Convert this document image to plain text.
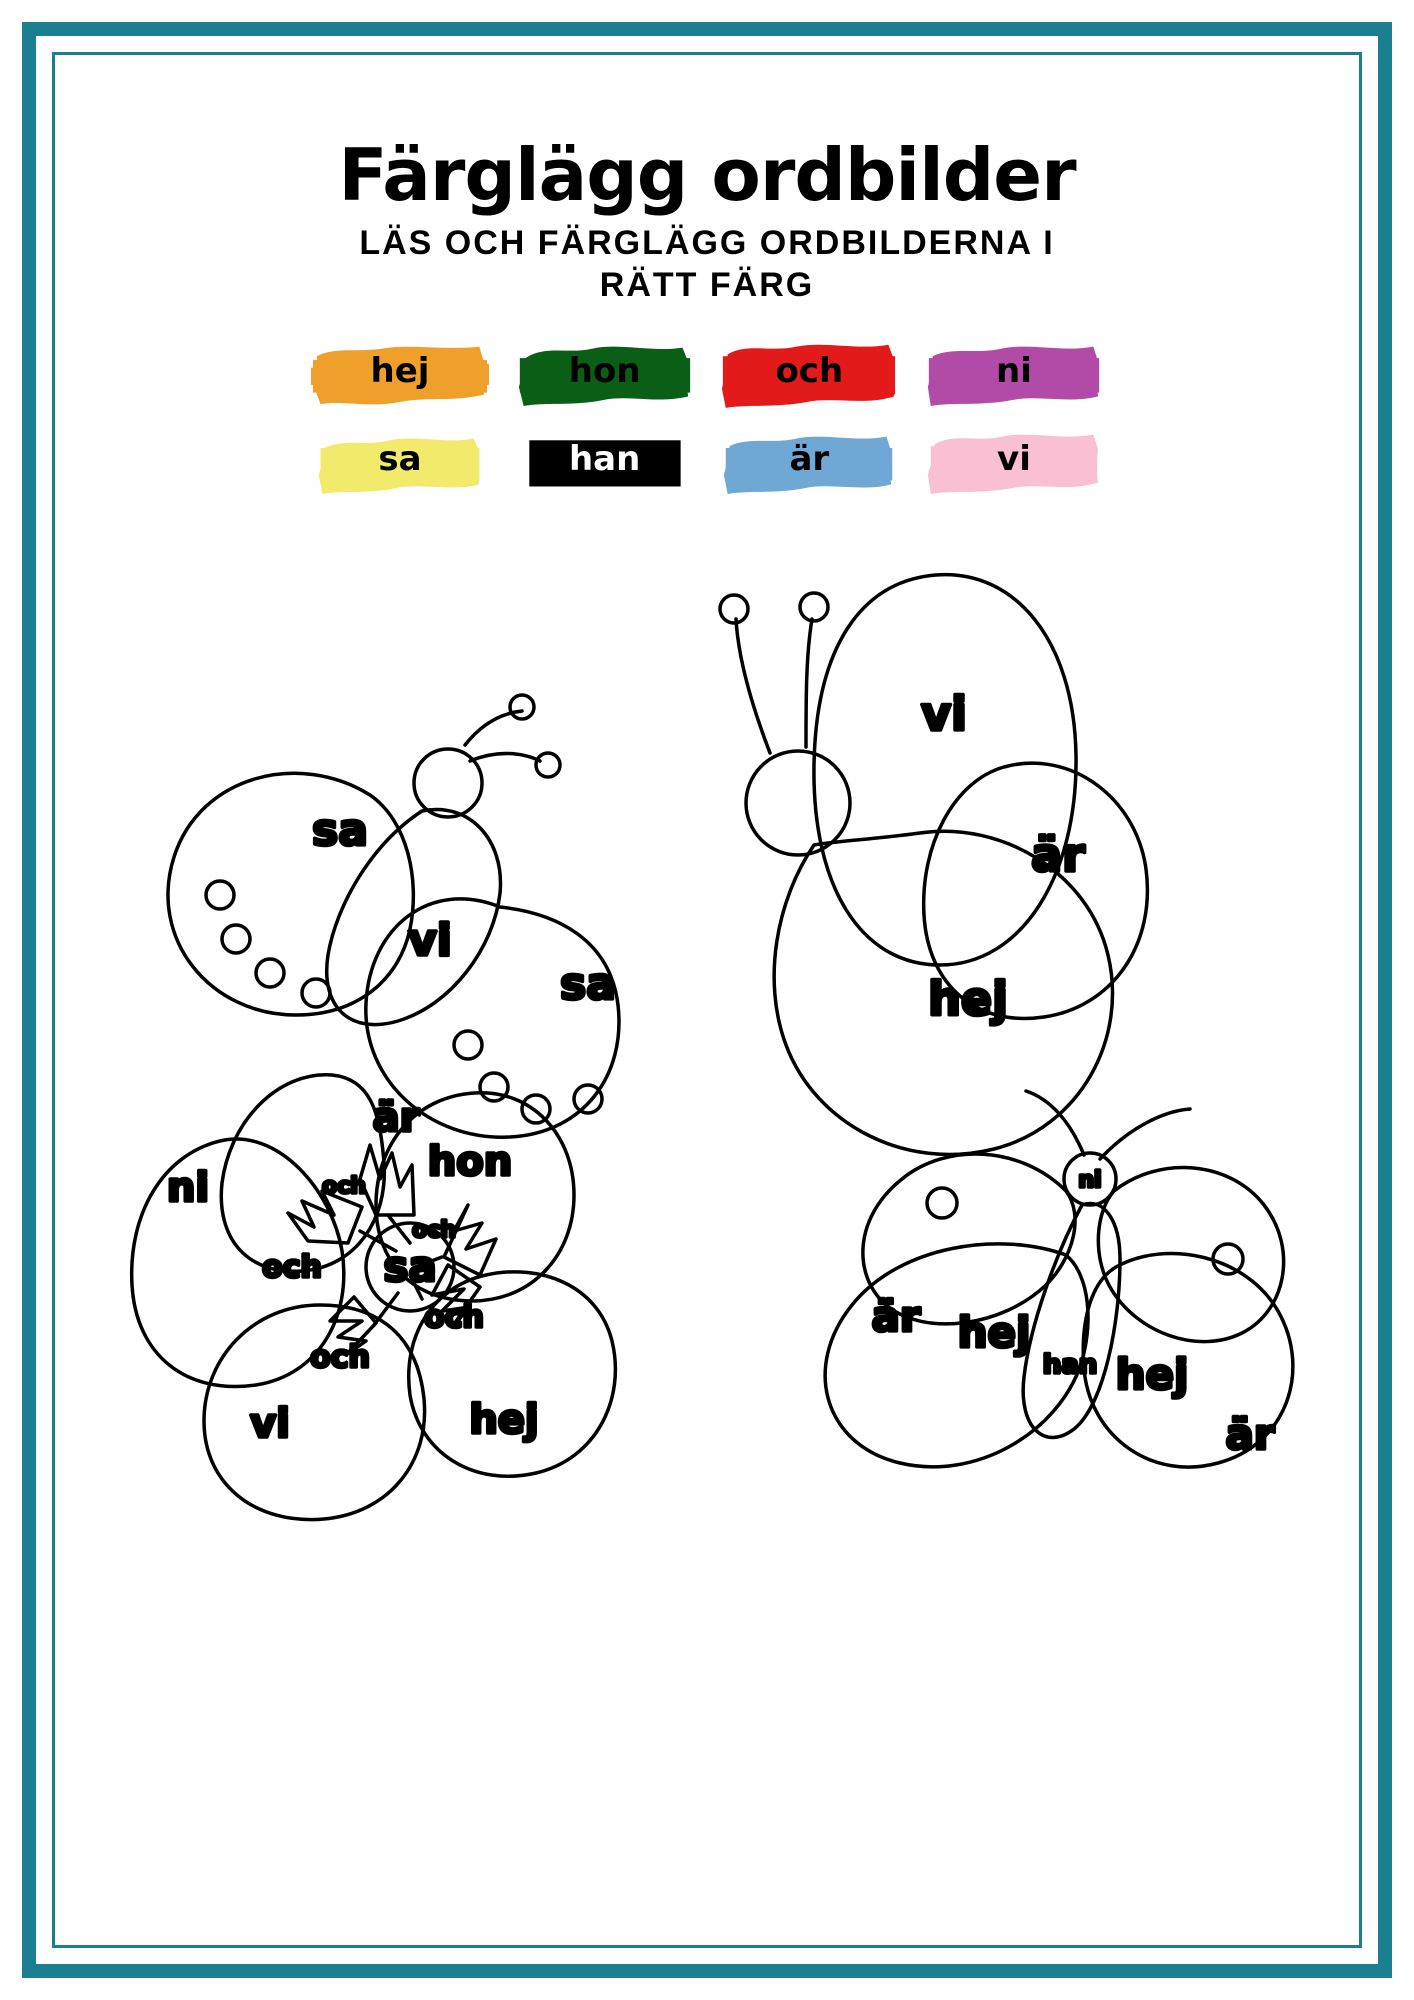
Färglägg ordbilder
LÄS OCH FÄRGLÄGG ORDBILDERNA I RÄTT FÄRG
hej	hon	och	ni
sa	han	är	vi
sa
vi
sa
vi
är
hej
är
ni
hon
och
och
och sa
och
och
vi	hej
ni
är hej
han hej
är
